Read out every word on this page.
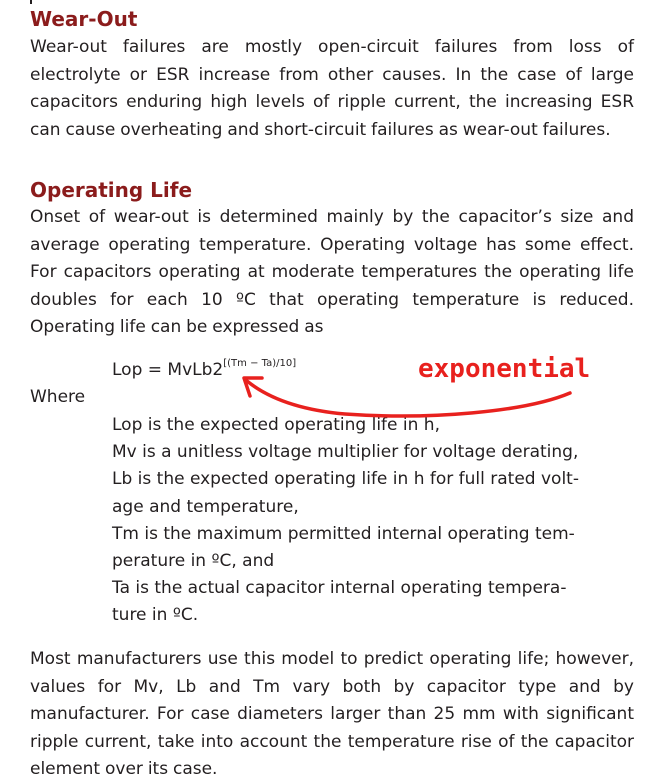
Wear-Out

Wear-out failures are mostly open-circuit failures from loss of electrolyte or ESR increase from other causes. In the case of large capacitors enduring high levels of ripple current, the increasing ESR can cause overheating and short-circuit failures as wear-out failures.

Operating Life

Onset of wear-out is determined mainly by the capacitor’s size and average operating temperature. Operating voltage has some effect. For capacitors operating at moderate temperatures the operating life doubles for each 10 ºC that operating temperature is reduced. Operating life can be expressed as

Lop = MvLb2[(Tm − Ta)/10]

Where

Lop is the expected operating life in h,
Mv is a unitless voltage multiplier for voltage derating,
Lb is the expected operating life in h for full rated volt-
age and temperature,
Tm is the maximum permitted internal operating tem-
perature in ºC, and
Ta is the actual capacitor internal operating tempera-
ture in ºC.

Most manufacturers use this model to predict operating life; however, values for Mv, Lb and Tm vary both by capacitor type and by manufacturer. For case diameters larger than 25 mm with significant ripple current, take into account the temperature rise of the capacitor element over its case.

exponential
